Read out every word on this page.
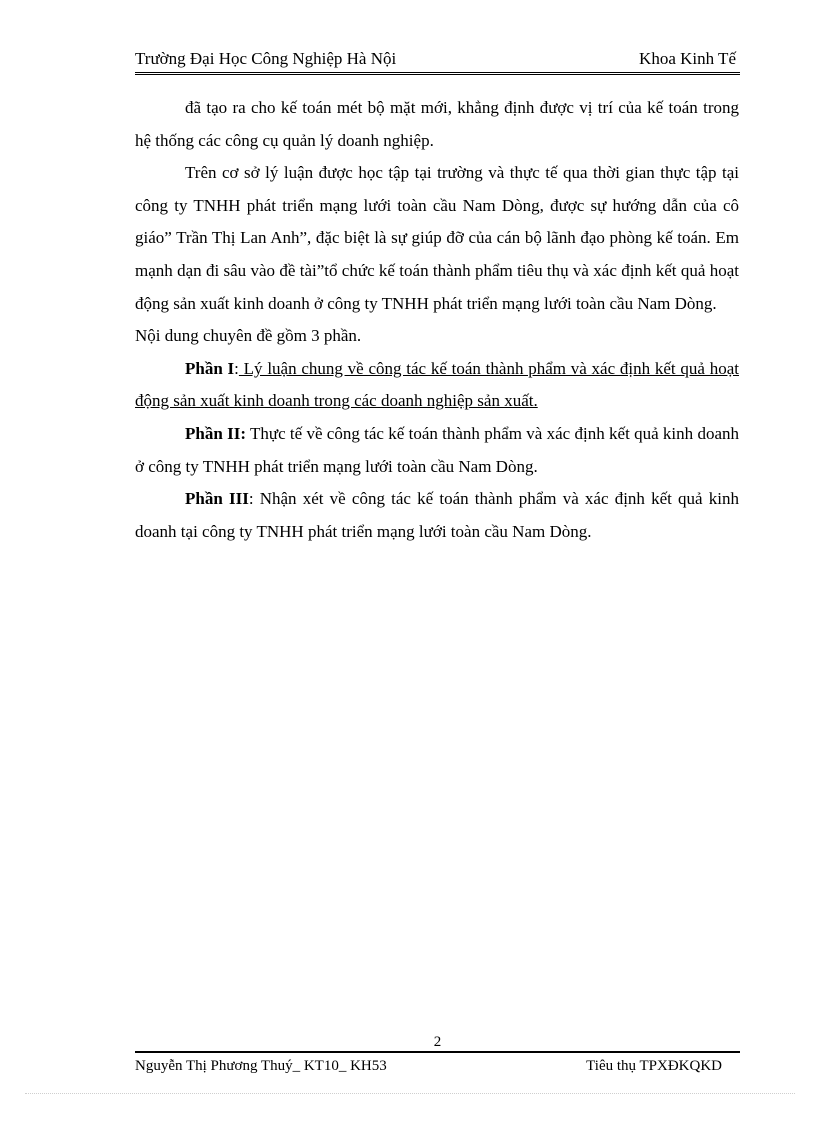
Trường Đại Học Công Nghiệp Hà Nội	Khoa Kinh Tế

đã tạo ra cho kế toán mét bộ mặt mới, khẳng định được vị trí của kế toán trong hệ thống các công cụ quản lý doanh nghiệp.

Trên cơ sở lý luận được học tập tại trường và thực tế qua thời gian thực tập tại công ty TNHH phát triển mạng lưới toàn cầu Nam Dòng, được sự hướng dẫn của cô giáo” Trần Thị Lan Anh”, đặc biệt là sự giúp đỡ của cán bộ lãnh đạo phòng kế toán. Em mạnh dạn đi sâu vào đề tài”tổ chức kế toán thành phẩm tiêu thụ và xác định kết quả hoạt động sản xuất kinh doanh ở công ty TNHH phát triển mạng lưới toàn cầu Nam Dòng.

Nội dung chuyên đề gồm 3 phần.

Phần I: Lý luận chung về công tác kế toán thành phẩm và xác định kết quả hoạt động sản xuất kinh doanh trong các doanh nghiệp sản xuất.

Phần II: Thực tế về công tác kế toán thành phẩm và xác định kết quả kinh doanh ở công ty TNHH phát triển mạng lưới toàn cầu Nam Dòng.

Phần III: Nhận xét về công tác kế toán thành phẩm và xác định kết quả kinh doanh tại công ty TNHH phát triển mạng lưới toàn cầu Nam Dòng.

2
Nguyễn Thị Phương Thuý_ KT10_ KH53	Tiêu thụ TPXĐKQKD
